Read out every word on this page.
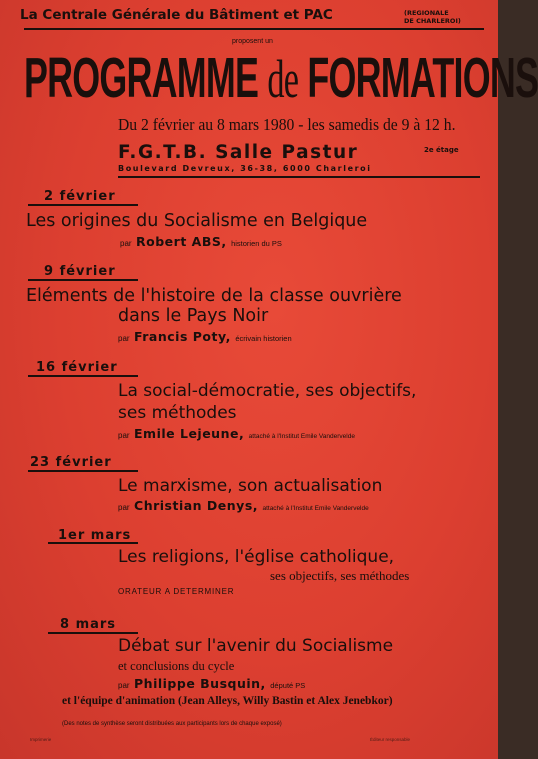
La Centrale Générale du Bâtiment et PAC	(REGIONALE
DE CHARLEROI)
proposent un
PROGRAMME de FORMATIONS
Du 2 février au 8 mars 1980 - les samedis de 9 à 12 h.
F.G.T.B. Salle Pastur	2e étage
Boulevard Devreux, 36-38, 6000 Charleroi
2 février
Les origines du Socialisme en Belgique
par Robert ABS, historien du PS
9 février
Eléments de l'histoire de la classe ouvrière
dans le Pays Noir
par Francis Poty, écrivain historien
16 février
La social-démocratie, ses objectifs,
ses méthodes
par Emile Lejeune, attaché à l'Institut Emile Vandervelde
23 février
Le marxisme, son actualisation
par Christian Denys, attaché à l'Institut Emile Vandervelde
1er mars
Les religions, l'église catholique,
ses objectifs, ses méthodes
ORATEUR A DETERMINER
8 mars
Débat sur l'avenir du Socialisme
et conclusions du cycle
par Philippe Busquin, député PS
et l'équipe d'animation (Jean Alleys, Willy Bastin et Alex Jenebkor)
(Des notes de synthèse seront distribuées aux participants lors de chaque exposé)
Imprimerie	Éditeur responsable
